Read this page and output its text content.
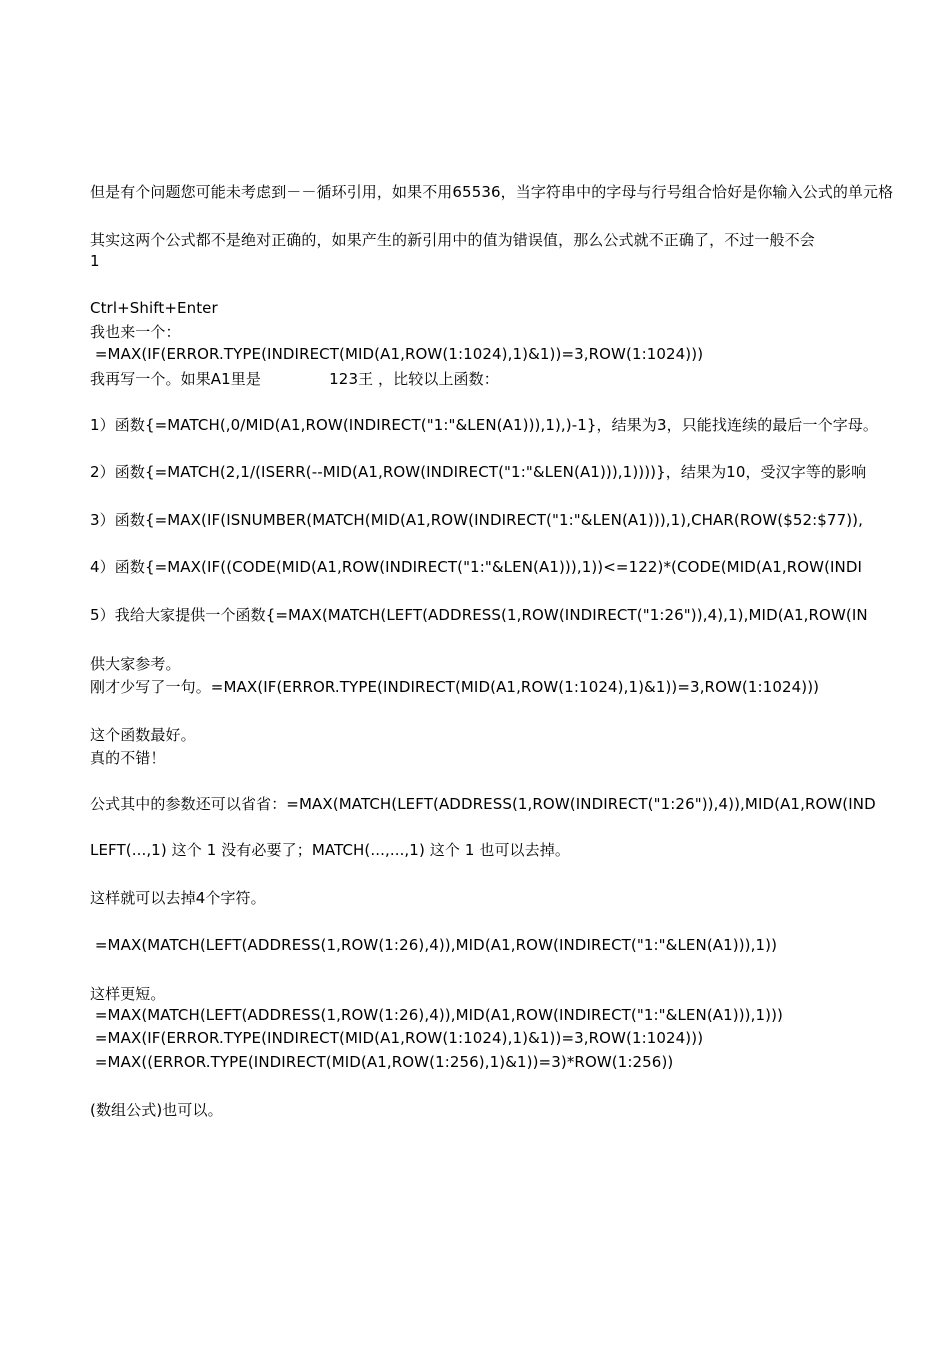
但是有个问题您可能未考虑到－－循环引用，如果不用65536，当字符串中的字母与行号组合恰好是你输入公式的单元格
其实这两个公式都不是绝对正确的，如果产生的新引用中的值为错误值，那么公式就不正确了，不过一般不会
1
Ctrl+Shift+Enter
我也来一个：
=MAX(IF(ERROR.TYPE(INDIRECT(MID(A1,ROW(1:1024),1)&1))=3,ROW(1:1024)))
我再写一个。如果A1里是              123王 ，比较以上函数：
1）函数{=MATCH(,0/MID(A1,ROW(INDIRECT("1:"&LEN(A1))),1),)-1}，结果为3，只能找连续的最后一个字母。
2）函数{=MATCH(2,1/(ISERR(--MID(A1,ROW(INDIRECT("1:"&LEN(A1))),1))))}，结果为10，受汉字等的影响
3）函数{=MAX(IF(ISNUMBER(MATCH(MID(A1,ROW(INDIRECT("1:"&LEN(A1))),1),CHAR(ROW($52:$77)),
4）函数{=MAX(IF((CODE(MID(A1,ROW(INDIRECT("1:"&LEN(A1))),1))<=122)*(CODE(MID(A1,ROW(INDI
5）我给大家提供一个函数{=MAX(MATCH(LEFT(ADDRESS(1,ROW(INDIRECT("1:26")),4),1),MID(A1,ROW(IN
供大家参考。
刚才少写了一句。=MAX(IF(ERROR.TYPE(INDIRECT(MID(A1,ROW(1:1024),1)&1))=3,ROW(1:1024)))
这个函数最好。
真的不错！
公式其中的参数还可以省省：=MAX(MATCH(LEFT(ADDRESS(1,ROW(INDIRECT("1:26")),4)),MID(A1,ROW(IND
LEFT(...,1) 这个 1 没有必要了；MATCH(...,...,1) 这个 1 也可以去掉。
这样就可以去掉4个字符。
=MAX(MATCH(LEFT(ADDRESS(1,ROW(1:26),4)),MID(A1,ROW(INDIRECT("1:"&LEN(A1))),1))
这样更短。
=MAX(MATCH(LEFT(ADDRESS(1,ROW(1:26),4)),MID(A1,ROW(INDIRECT("1:"&LEN(A1))),1)))
=MAX(IF(ERROR.TYPE(INDIRECT(MID(A1,ROW(1:1024),1)&1))=3,ROW(1:1024)))
=MAX((ERROR.TYPE(INDIRECT(MID(A1,ROW(1:256),1)&1))=3)*ROW(1:256))
(数组公式)也可以。
